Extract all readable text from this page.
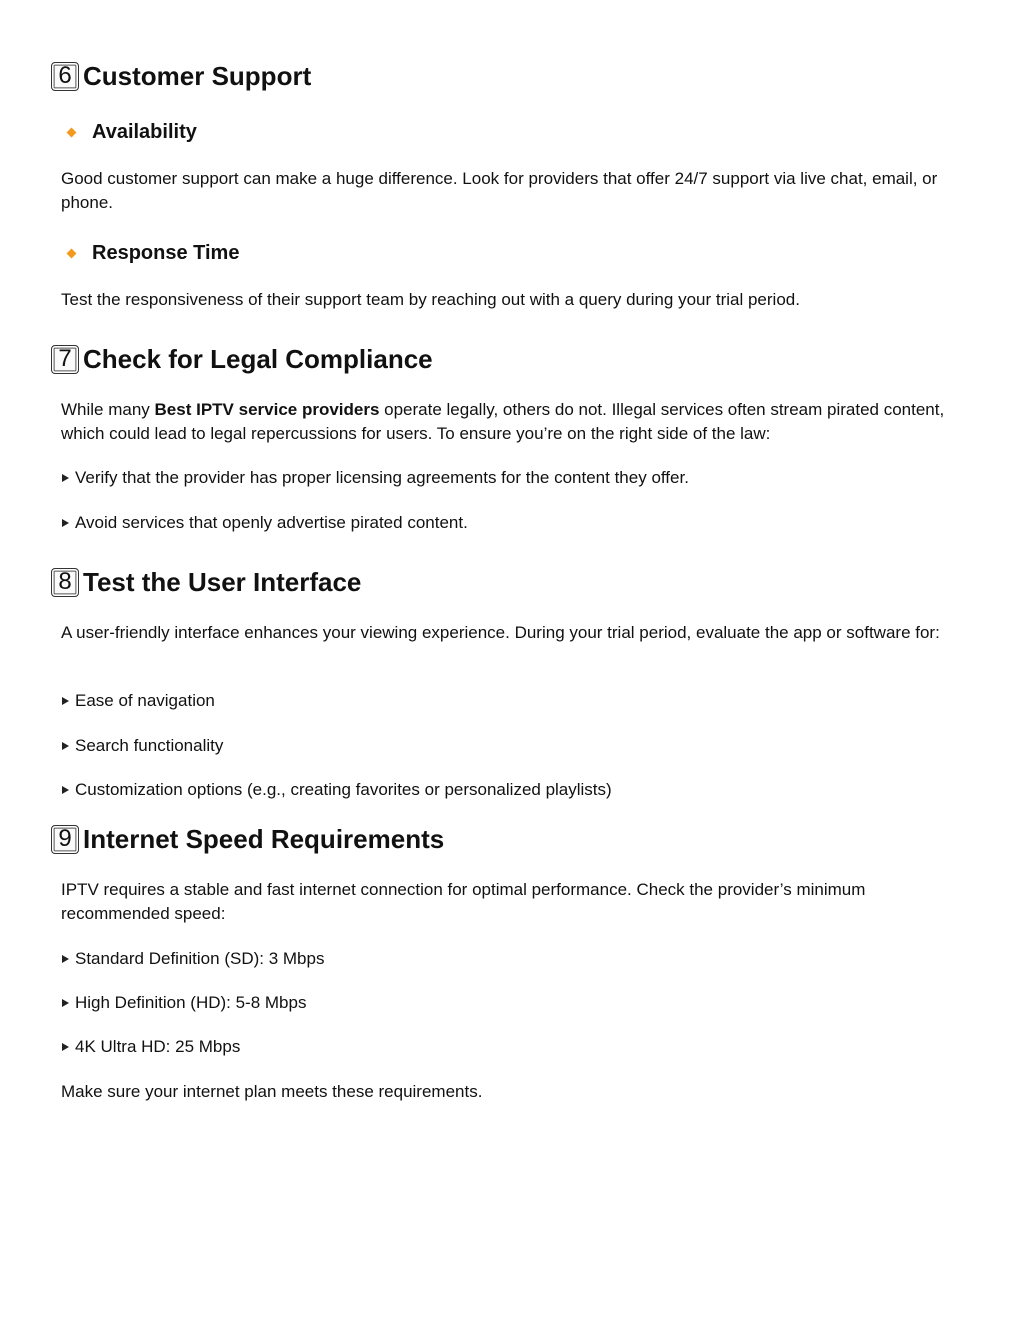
6 Customer Support
Availability

Good customer support can make a huge difference. Look for providers that offer 24/7 support via live chat, email, or phone.

Response Time

Test the responsiveness of their support team by reaching out with a query during your trial period.

7 Check for Legal Compliance

While many Best IPTV service providers operate legally, others do not. Illegal services often stream pirated content, which could lead to legal repercussions for users. To ensure you’re on the right side of the law:

Verify that the provider has proper licensing agreements for the content they offer.
Avoid services that openly advertise pirated content.
8 Test the User Interface

A user-friendly interface enhances your viewing experience. During your trial period, evaluate the app or software for:

Ease of navigation
Search functionality
Customization options (e.g., creating favorites or personalized playlists)
9 Internet Speed Requirements

IPTV requires a stable and fast internet connection for optimal performance. Check the provider’s minimum recommended speed:

Standard Definition (SD): 3 Mbps
High Definition (HD): 5-8 Mbps
4K Ultra HD: 25 Mbps

Make sure your internet plan meets these requirements.
